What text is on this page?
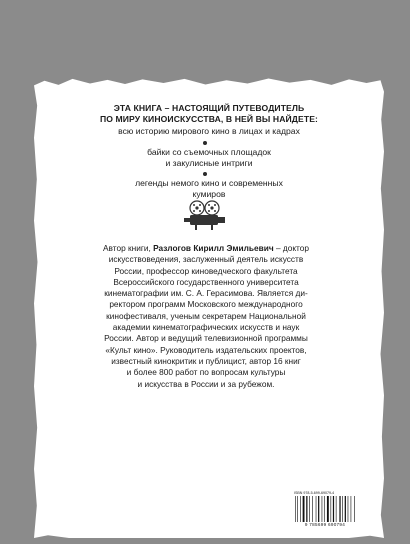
ЭТА КНИГА – НАСТОЯЩИЙ ПУТЕВОДИТЕЛЬ
ПО МИРУ КИНОИСКУССТВА, В НЕЙ ВЫ НАЙДЕТЕ:
всю историю мирового кино в лицах и кадрах
байки со съемочных площадок
и закулисные интриги
легенды немого кино и современных
кумиров
Автор книги, Разлогов Кирилл Эмильевич – доктор
искусствоведения, заслуженный деятель искусств
России, профессор киноведческого факультета
Всероссийского государственного университета
кинематографии им. С. А. Герасимова. Является ди-
ректором программ Московского международного
кинофестиваля, ученым секретарем Национальной
академии кинематографических искусств и наук
России. Автор и ведущий телевизионной программы
«Культ кино». Руководитель издательских проектов,
известный кинокритик и публицист, автор 16 книг
и более 800 работ по вопросам культуры
и искусства в России и за рубежом.
ISBN 978-5-699-69079-4
9 785699 690794
